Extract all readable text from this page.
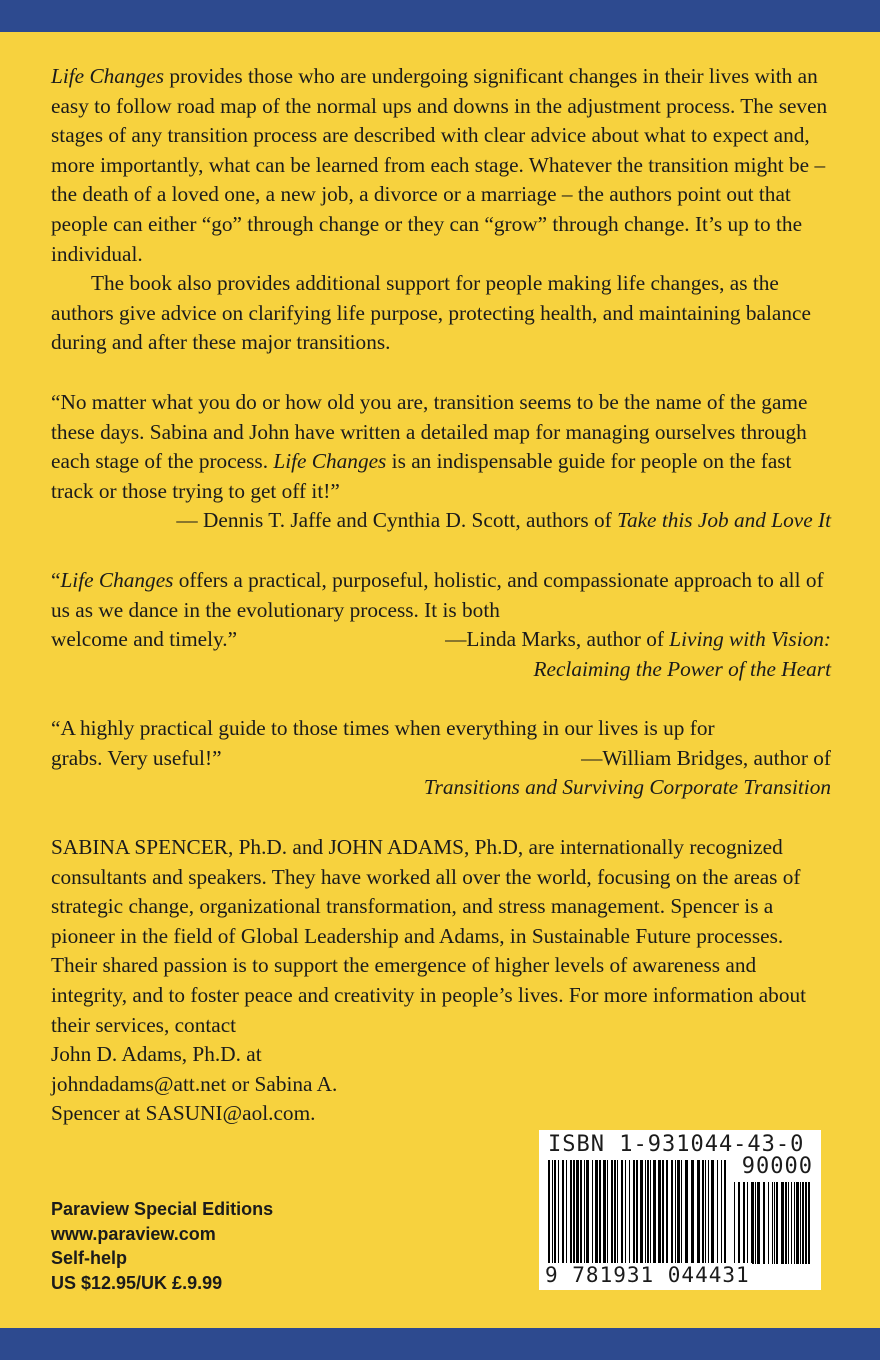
Life Changes provides those who are undergoing significant changes in their lives with an easy to follow road map of the normal ups and downs in the adjustment process. The seven stages of any transition process are described with clear advice about what to expect and, more importantly, what can be learned from each stage. Whatever the transition might be – the death of a loved one, a new job, a divorce or a marriage – the authors point out that people can either “go” through change or they can “grow” through change. It’s up to the individual.

The book also provides additional support for people making life changes, as the authors give advice on clarifying life purpose, protecting health, and maintaining balance during and after these major transitions.

“No matter what you do or how old you are, transition seems to be the name of the game these days. Sabina and John have written a detailed map for managing ourselves through each stage of the process. Life Changes is an indispensable guide for people on the fast track or those trying to get off it!”

— Dennis T. Jaffe and Cynthia D. Scott, authors of Take this Job and Love It

“Life Changes offers a practical, purposeful, holistic, and compassionate approach to all of us as we dance in the evolutionary process. It is both

welcome and timely.”	—Linda Marks, author of Living with Vision:

Reclaiming the Power of the Heart

“A highly practical guide to those times when everything in our lives is up for

grabs. Very useful!”	—William Bridges, author of

Transitions and Surviving Corporate Transition

SABINA SPENCER, Ph.D. and JOHN ADAMS, Ph.D, are internationally recognized consultants and speakers. They have worked all over the world, focusing on the areas of strategic change, organizational transformation, and stress management. Spencer is a pioneer in the field of Global Leadership and Adams, in Sustainable Future processes. Their shared passion is to support the emergence of higher levels of awareness and integrity, and to foster peace and creativity in people’s lives. For more information about their services, contact

John D. Adams, Ph.D. at johndadams@att.net or Sabina A. Spencer at SASUNI@aol.com.

Paraview Special Editions
www.paraview.com
Self-help
US $12.95/UK £.9.99
ISBN 1-931044-43-0
90000
9 781931 044431
